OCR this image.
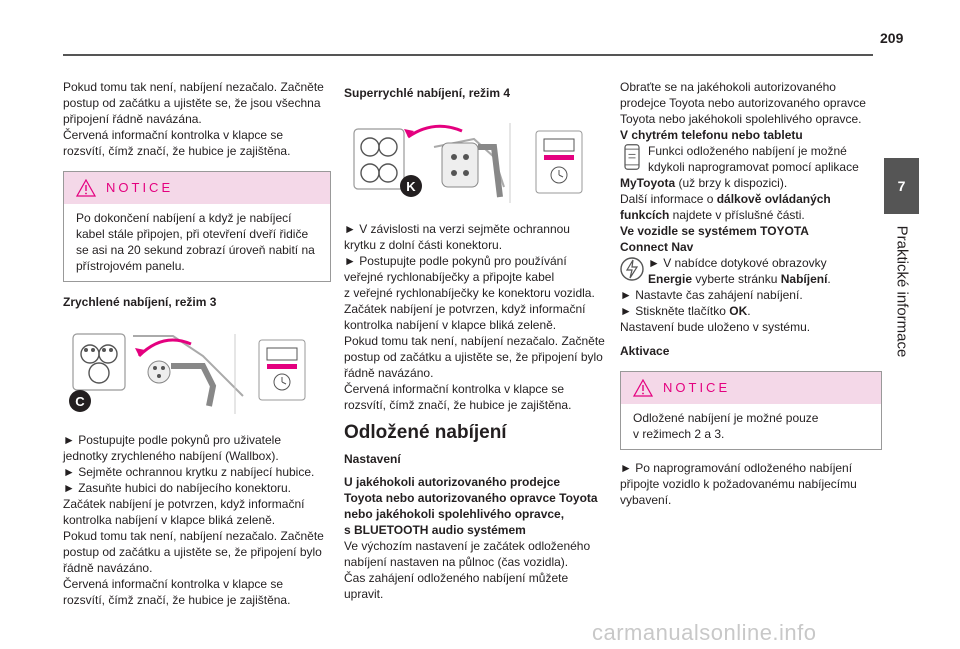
209
7
Praktické informace

Pokud tomu tak není, nabíjení nezačalo. Začněte
postup od začátku a ujistěte se, že jsou všechna
připojení řádně navázána.
Červená informační kontrolka v klapce se
rozsvítí, čímž značí, že hubice je zajištěna.

NOTICE
Po dokončení nabíjení a když je nabíjecí
kabel stále připojen, při otevření dveří řidiče
se asi na 20 sekund zobrazí úroveň nabití na
přístrojovém panelu.

Zrychlené nabíjení, režim 3

C

► Postupujte podle pokynů pro uživatele
jednotky zrychleného nabíjení (Wallbox).
► Sejměte ochrannou krytku z nabíjecí hubice.
► Zasuňte hubici do nabíjecího konektoru.
Začátek nabíjení je potvrzen, když informační
kontrolka nabíjení v klapce bliká zeleně.
Pokud tomu tak není, nabíjení nezačalo. Začněte
postup od začátku a ujistěte se, že připojení bylo
řádně navázáno.
Červená informační kontrolka v klapce se
rozsvítí, čímž značí, že hubice je zajištěna.

Superrychlé nabíjení, režim 4

K

► V závislosti na verzi sejměte ochrannou
krytku z dolní části konektoru.
► Postupujte podle pokynů pro používání
veřejné rychlonabíječky a připojte kabel
z veřejné rychlonabíječky ke konektoru vozidla.
Začátek nabíjení je potvrzen, když informační
kontrolka nabíjení v klapce bliká zeleně.
Pokud tomu tak není, nabíjení nezačalo. Začněte
postup od začátku a ujistěte se, že připojení bylo
řádně navázáno.
Červená informační kontrolka v klapce se
rozsvítí, čímž značí, že hubice je zajištěna.

Odložené nabíjení

Nastavení

U jakéhokoli autorizovaného prodejce
Toyota nebo autorizovaného opravce Toyota
nebo jakéhokoli spolehlivého opravce,
s BLUETOOTH audio systémem

Ve výchozím nastavení je začátek odloženého
nabíjení nastaven na půlnoc (čas vozidla).
Čas zahájení odloženého nabíjení můžete
upravit.

Obraťte se na jakéhokoli autorizovaného
prodejce Toyota nebo autorizovaného opravce
Toyota nebo jakéhokoli spolehlivého opravce.

V chytrém telefonu nebo tabletu

Funkci odloženého nabíjení je možné
kdykoli naprogramovat pomocí aplikace

MyToyota (už brzy k dispozici).

Další informace o dálkově ovládaných

funkcích najdete v příslušné části.

Ve vozidle se systémem TOYOTA Connect Nav

► V nabídce dotykové obrazovky
Energie vyberte stránku Nabíjení.

► Nastavte čas zahájení nabíjení.

► Stiskněte tlačítko OK.

Nastavení bude uloženo v systému.

Aktivace

NOTICE
Odložené nabíjení je možné pouze
v režimech 2 a 3.

► Po naprogramování odloženého nabíjení
připojte vozidlo k požadovanému nabíjecímu
vybavení.

carmanualsonline.info
